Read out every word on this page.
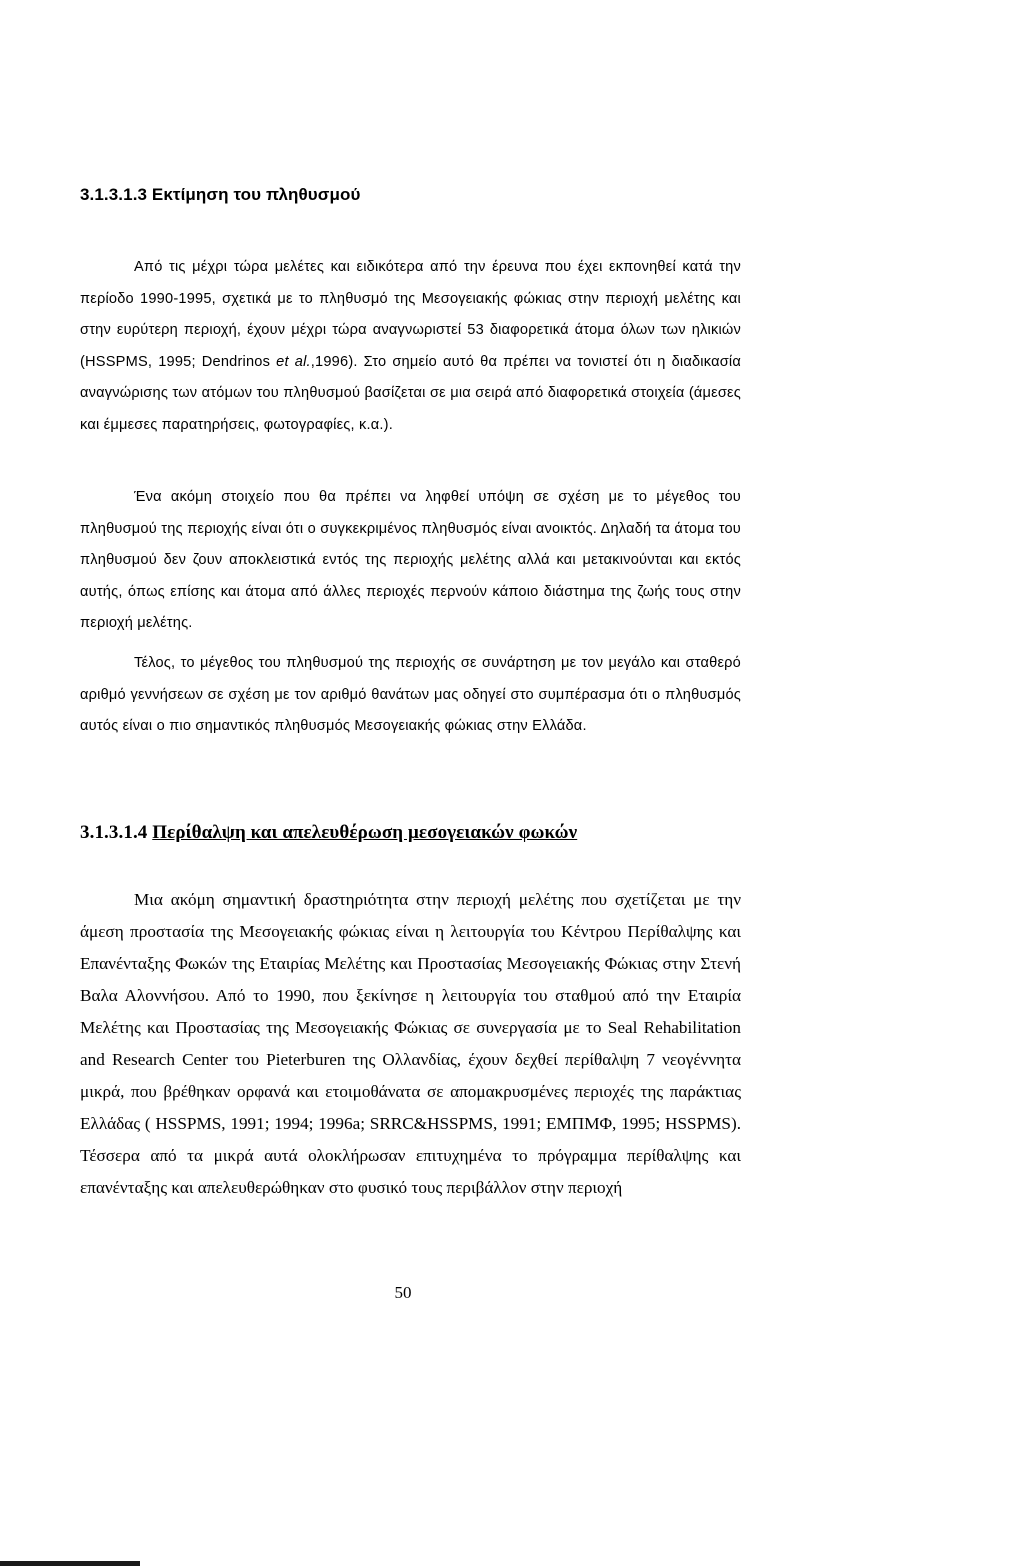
3.1.3.1.3 Εκτίμηση του πληθυσμού

Από τις μέχρι τώρα μελέτες και ειδικότερα από την έρευνα που έχει εκπονηθεί κατά την περίοδο 1990-1995, σχετικά με το πληθυσμό της Μεσογειακής φώκιας στην περιοχή μελέτης και στην ευρύτερη περιοχή, έχουν μέχρι τώρα αναγνωριστεί 53 διαφορετικά άτομα όλων των ηλικιών (HSSPMS, 1995; Dendrinos et al.,1996). Στο σημείο αυτό θα πρέπει να τονιστεί ότι η διαδικασία αναγνώρισης των ατόμων του πληθυσμού βασίζεται σε μια σειρά από διαφορετικά στοιχεία (άμεσες και έμμεσες παρατηρήσεις, φωτογραφίες, κ.α.).

Ένα ακόμη στοιχείο που θα πρέπει να ληφθεί υπόψη σε σχέση με το μέγεθος του πληθυσμού της περιοχής είναι ότι ο συγκεκριμένος πληθυσμός είναι ανοικτός. Δηλαδή τα άτομα του πληθυσμού δεν ζουν αποκλειστικά εντός της περιοχής μελέτης αλλά και μετακινούνται και εκτός αυτής, όπως επίσης και άτομα από άλλες περιοχές περνούν κάποιο διάστημα της ζωής τους στην περιοχή μελέτης.

Τέλος, το μέγεθος του πληθυσμού της περιοχής σε συνάρτηση με τον μεγάλο και σταθερό αριθμό γεννήσεων σε σχέση με τον αριθμό θανάτων μας οδηγεί στο συμπέρασμα ότι ο πληθυσμός αυτός είναι ο πιο σημαντικός πληθυσμός Μεσογειακής φώκιας στην Ελλάδα.

3.1.3.1.4 Περίθαλψη και απελευθέρωση μεσογειακών φωκών

Μια ακόμη σημαντική δραστηριότητα στην περιοχή μελέτης που σχετίζεται με την άμεση προστασία της Μεσογειακής φώκιας είναι η λειτουργία του Κέντρου Περίθαλψης και Επανένταξης Φωκών της Εταιρίας Μελέτης και Προστασίας Μεσογειακής Φώκιας στην Στενή Βαλα Αλοννήσου. Από το 1990, που ξεκίνησε η λειτουργία του σταθμού από την Εταιρία Μελέτης και Προστασίας της Μεσογειακής Φώκιας σε συνεργασία με το Seal Rehabilitation and Research Center του Pieterburen της Ολλανδίας, έχουν δεχθεί περίθαλψη 7 νεογέννητα μικρά, που βρέθηκαν ορφανά και ετοιμοθάνατα σε απομακρυσμένες περιοχές της παράκτιας Ελλάδας ( HSSPMS, 1991; 1994; 1996a; SRRC&HSSPMS, 1991; ΕΜΠΜΦ, 1995; HSSPMS). Τέσσερα από τα μικρά αυτά ολοκλήρωσαν επιτυχημένα το πρόγραμμα περίθαλψης και επανένταξης και απελευθερώθηκαν στο φυσικό τους περιβάλλον στην περιοχή

50
